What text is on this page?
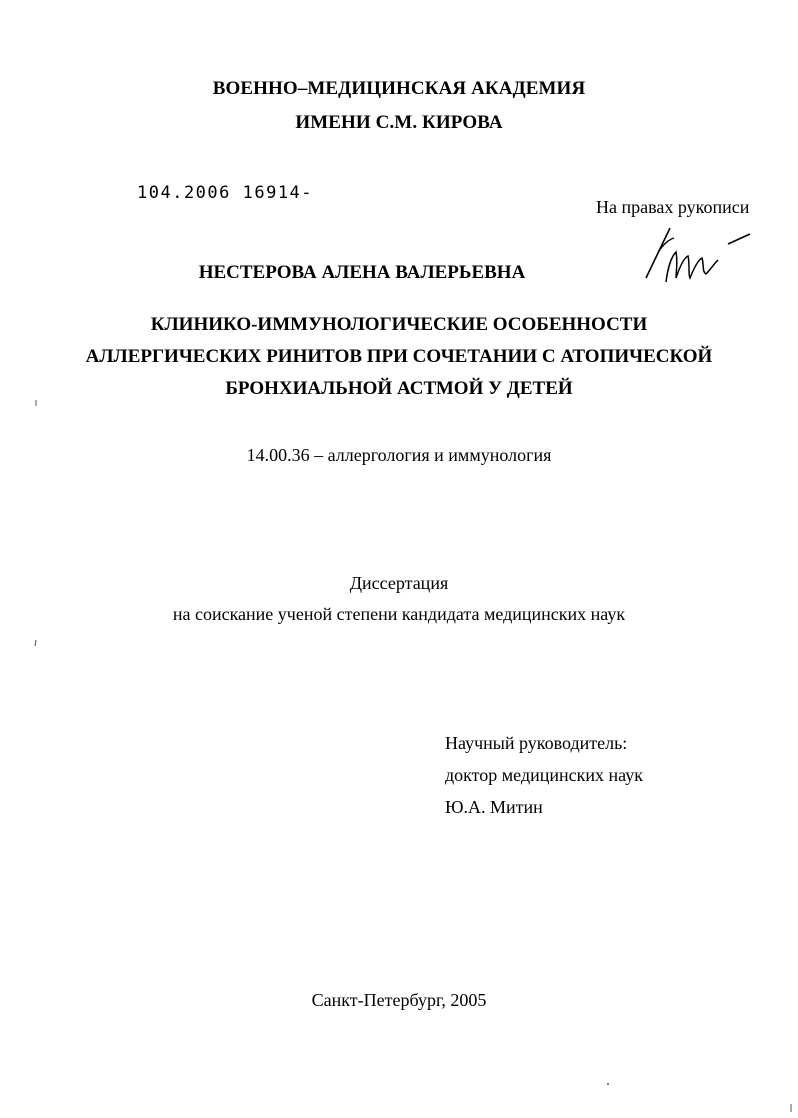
ВОЕННО–МЕДИЦИНСКАЯ АКАДЕМИЯ
ИМЕНИ С.М. КИРОВА
104.2006 16914-
На правах рукописи
НЕСТЕРОВА АЛЕНА ВАЛЕРЬЕВНА
КЛИНИКО-ИММУНОЛОГИЧЕСКИЕ ОСОБЕННОСТИ
АЛЛЕРГИЧЕСКИХ РИНИТОВ ПРИ СОЧЕТАНИИ С АТОПИЧЕСКОЙ
БРОНХИАЛЬНОЙ АСТМОЙ У ДЕТЕЙ
14.00.36 – аллергология и иммунология
Диссертация
на соискание ученой степени кандидата медицинских наук
Научный руководитель:
доктор медицинских наук
Ю.А. Митин
Санкт-Петербург, 2005
